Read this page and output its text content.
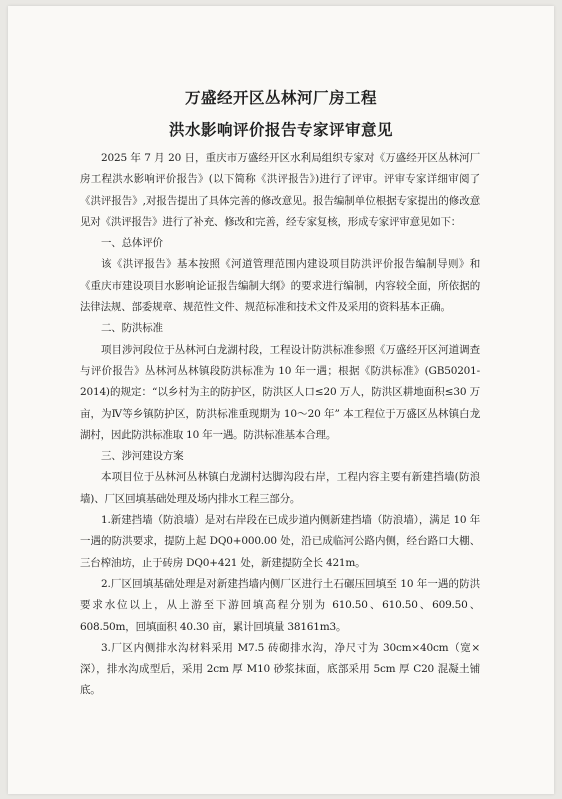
万盛经开区丛林河厂房工程
洪水影响评价报告专家评审意见

2025 年 7 月 20 日，重庆市万盛经开区水利局组织专家对《万盛经开区丛林河厂房工程洪水影响评价报告》(以下简称《洪评报告》)进行了评审。评审专家详细审阅了《洪评报告》,对报告提出了具体完善的修改意见。报告编制单位根据专家提出的修改意见对《洪评报告》进行了补充、修改和完善，经专家复核，形成专家评审意见如下：

一、总体评价

该《洪评报告》基本按照《河道管理范围内建设项目防洪评价报告编制导则》和《重庆市建设项目水影响论证报告编制大纲》的要求进行编制，内容较全面，所依据的法律法规、部委规章、规范性文件、规范标准和技术文件及采用的资料基本正确。

二、防洪标准

项目涉河段位于丛林河白龙湖村段，工程设计防洪标准参照《万盛经开区河道调查与评价报告》丛林河丛林镇段防洪标准为 10 年一遇；根据《防洪标准》(GB50201-2014)的规定：“以乡村为主的防护区，防洪区人口≤20 万人，防洪区耕地面积≤30 万亩，为Ⅳ等乡镇防护区，防洪标准重现期为 10～20 年” 本工程位于万盛区丛林镇白龙湖村，因此防洪标准取 10 年一遇。防洪标准基本合理。

三、涉河建设方案

本项目位于丛林河丛林镇白龙湖村达脚沟段右岸，工程内容主要有新建挡墙(防浪墙)、厂区回填基础处理及场内排水工程三部分。

1.新建挡墙（防浪墙）是对右岸段在已成步道内侧新建挡墙（防浪墙），满足 10 年一遇的防洪要求，提防上起 DQ0+000.00 处，沿已成临河公路内侧，经台路口大棚、三台榨油坊，止于砖房 DQ0+421 处，新建提防全长 421m。

2.厂区回填基础处理是对新建挡墙内侧厂区进行土石碾压回填至 10 年一遇的防洪要求水位以上，从上游至下游回填高程分别为 610.50、610.50、609.50、608.50m，回填面积 40.30 亩，累计回填量 38161m3。

3.厂区内侧排水沟材料采用 M7.5 砖砌排水沟，净尺寸为 30cm×40cm（宽×深），排水沟成型后，采用 2cm 厚 M10 砂浆抹面，底部采用 5cm 厚 C20 混凝土铺底。
